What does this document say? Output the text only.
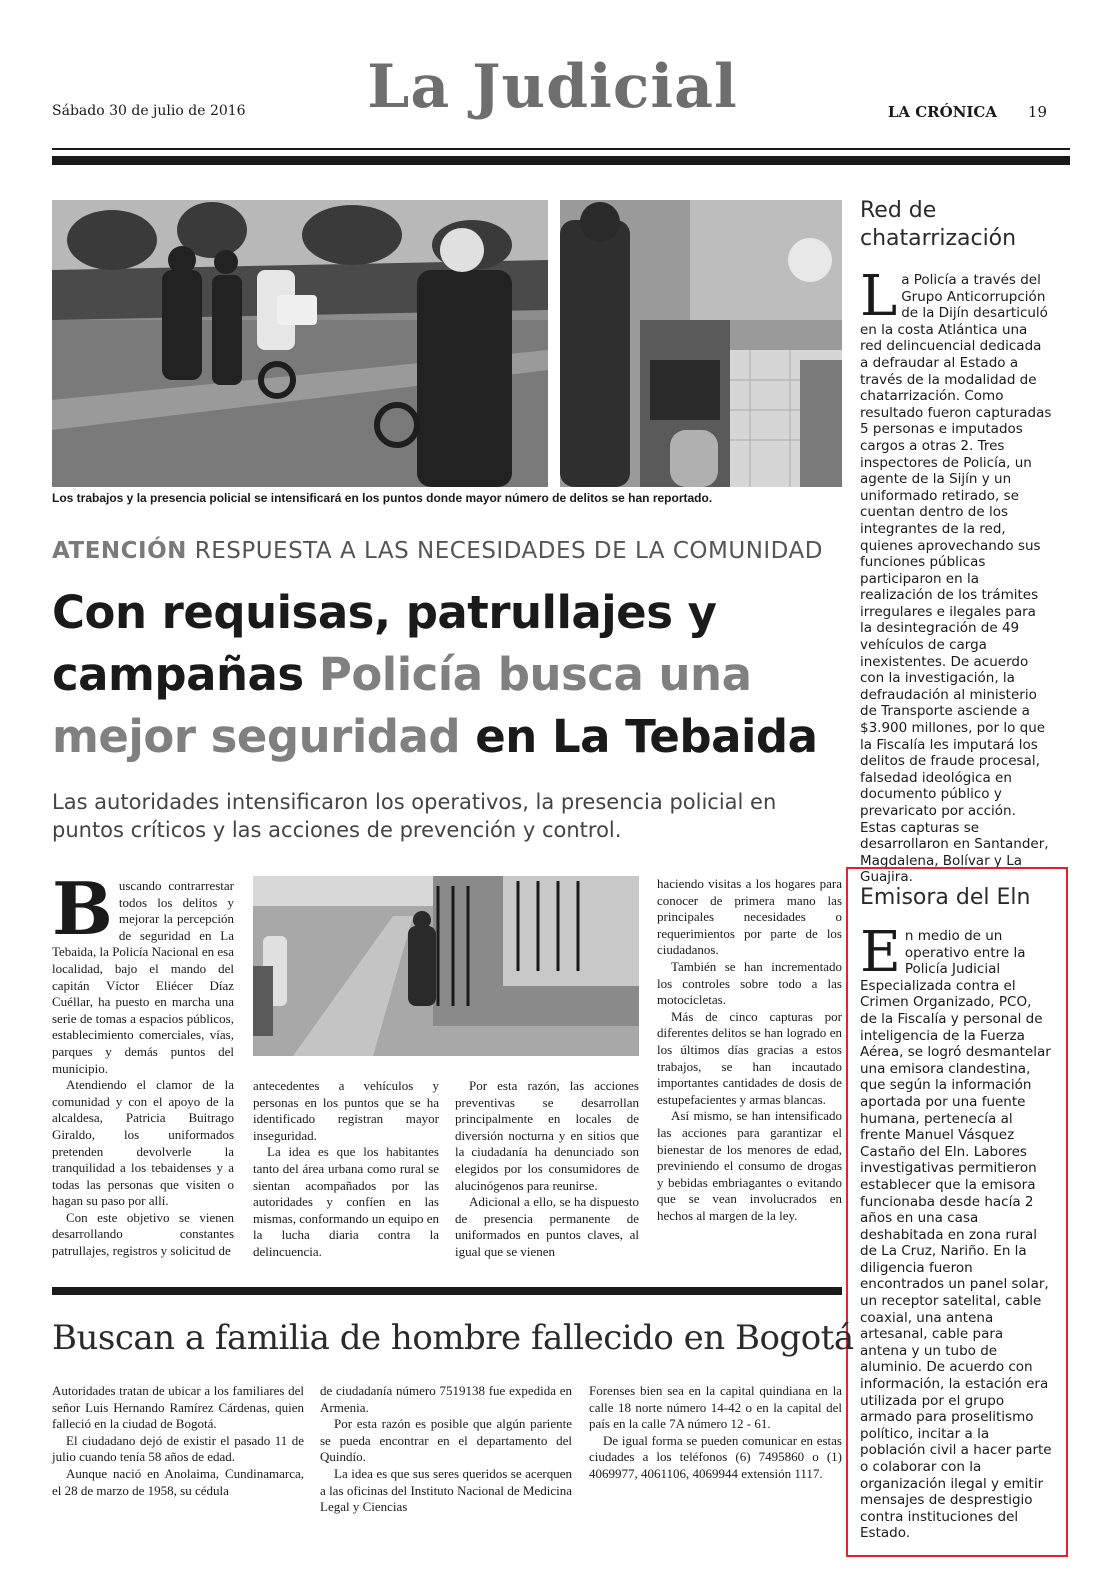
Sábado 30 de julio de 2016	La Judicial	LA CRÓNICA 19
Los trabajos y la presencia policial se intensificará en los puntos donde mayor número de delitos se han reportado.
ATENCIÓN RESPUESTA A LAS NECESIDADES DE LA COMUNIDAD
Con requisas, patrullajes y campañas Policía busca una mejor seguridad en La Tebaida
Las autoridades intensificaron los operativos, la presencia policial en puntos críticos y las acciones de prevención y control.

Buscando contrarrestar todos los delitos y mejorar la percepción de seguridad en La Tebaida, la Policía Nacional en esa localidad, bajo el mando del capitán Víctor Eliécer Díaz Cuéllar, ha puesto en marcha una serie de tomas a espacios públicos, establecimiento comerciales, vías, parques y demás puntos del municipio.

Atendiendo el clamor de la comunidad y con el apoyo de la alcaldesa, Patricia Buitrago Giraldo, los uniformados pretenden devolverle la tranquilidad a los tebaidenses y a todas las personas que visiten o hagan su paso por allí.

Con este objetivo se vienen desarrollando constantes patrullajes, registros y solicitud de

antecedentes a vehículos y personas en los puntos que se ha identificado registran mayor inseguridad.

La idea es que los habitantes tanto del área urbana como rural se sientan acompañados por las autoridades y confíen en las mismas, conformando un equipo en la lucha diaria contra la delincuencia.

Por esta razón, las acciones preventivas se desarrollan principalmente en locales de diversión nocturna y en sitios que la ciudadanía ha denunciado son elegidos por los consumidores de alucinógenos para reunirse.

Adicional a ello, se ha dispuesto de presencia permanente de uniformados en puntos claves, al igual que se vienen

haciendo visitas a los hogares para conocer de primera mano las principales necesidades o requerimientos por parte de los ciudadanos.

También se han incrementado los controles sobre todo a las motocicletas.

Más de cinco capturas por diferentes delitos se han logrado en los últimos días gracias a estos trabajos, se han incautado importantes cantidades de dosis de estupefacientes y armas blancas.

Así mismo, se han intensificado las acciones para garantizar el bienestar de los menores de edad, previniendo el consumo de drogas y bebidas embriagantes o evitando que se vean involucrados en hechos al margen de la ley.

Red de chatarrización
La Policía a través del Grupo Anticorrupción de la Dijín desarticuló en la costa Atlántica una red delincuencial dedicada a defraudar al Estado a través de la modalidad de chatarrización. Como resultado fueron capturadas 5 personas e imputados cargos a otras 2. Tres inspectores de Policía, un agente de la Sijín y un uniformado retirado, se cuentan dentro de los integrantes de la red, quienes aprovechando sus funciones públicas participaron en la realización de los trámites irregulares e ilegales para la desintegración de 49 vehículos de carga inexistentes. De acuerdo con la investigación, la defraudación al ministerio de Transporte asciende a $3.900 millones, por lo que la Fiscalía les imputará los delitos de fraude procesal, falsedad ideológica en documento público y prevaricato por acción. Estas capturas se desarrollaron en Santander, Magdalena, Bolívar y La Guajira.
Emisora del Eln
En medio de un operativo entre la Policía Judicial Especializada contra el Crimen Organizado, PCO, de la Fiscalía y personal de inteligencia de la Fuerza Aérea, se logró desmantelar una emisora clandestina, que según la información aportada por una fuente humana, pertenecía al frente Manuel Vásquez Castaño del Eln. Labores investigativas permitieron establecer que la emisora funcionaba desde hacía 2 años en una casa deshabitada en zona rural de La Cruz, Nariño. En la diligencia fueron encontrados un panel solar, un receptor satelital, cable coaxial, una antena artesanal, cable para antena y un tubo de aluminio. De acuerdo con información, la estación era utilizada por el grupo armado para proselitismo político, incitar a la población civil a hacer parte o colaborar con la organización ilegal y emitir mensajes de desprestigio contra instituciones del Estado.
Buscan a familia de hombre fallecido en Bogotá

Autoridades tratan de ubicar a los familiares del señor Luis Hernando Ramírez Cárdenas, quien falleció en la ciudad de Bogotá.

El ciudadano dejó de existir el pasado 11 de julio cuando tenía 58 años de edad.

Aunque nació en Anolaima, Cundinamarca, el 28 de marzo de 1958, su cédula

de ciudadanía número 7519138 fue expedida en Armenia.

Por esta razón es posible que algún pariente se pueda encontrar en el departamento del Quindío.

La idea es que sus seres queridos se acerquen a las oficinas del Instituto Nacional de Medicina Legal y Ciencias

Forenses bien sea en la capital quindiana en la calle 18 norte número 14-42 o en la capital del país en la calle 7A número 12 - 61.

De igual forma se pueden comunicar en estas ciudades a los teléfonos (6) 7495860 o (1) 4069977, 4061106, 4069944 extensión 1117.
